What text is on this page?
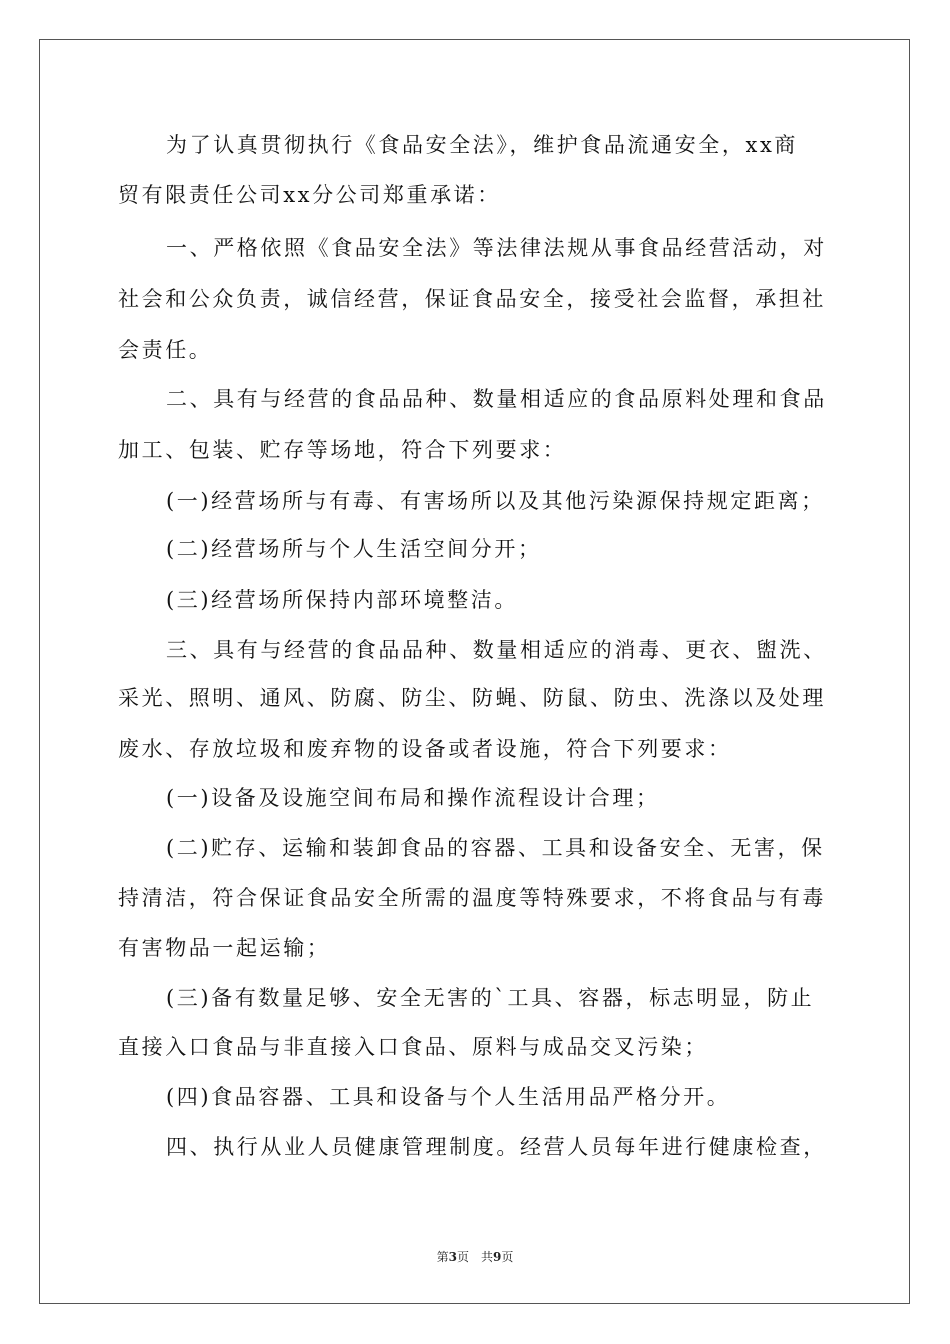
为了认真贯彻执行《食品安全法》，维护食品流通安全，xx商
贸有限责任公司xx分公司郑重承诺：
一、严格依照《食品安全法》等法律法规从事食品经营活动，对
社会和公众负责，诚信经营，保证食品安全，接受社会监督，承担社
会责任。
二、具有与经营的食品品种、数量相适应的食品原料处理和食品
加工、包装、贮存等场地，符合下列要求：
(一)经营场所与有毒、有害场所以及其他污染源保持规定距离；
(二)经营场所与个人生活空间分开；
(三)经营场所保持内部环境整洁。
三、具有与经营的食品品种、数量相适应的消毒、更衣、盥洗、
采光、照明、通风、防腐、防尘、防蝇、防鼠、防虫、洗涤以及处理
废水、存放垃圾和废弃物的设备或者设施，符合下列要求：
(一)设备及设施空间布局和操作流程设计合理；
(二)贮存、运输和装卸食品的容器、工具和设备安全、无害，保
持清洁，符合保证食品安全所需的温度等特殊要求，不将食品与有毒
有害物品一起运输；
(三)备有数量足够、安全无害的`工具、容器，标志明显，防止
直接入口食品与非直接入口食品、原料与成品交叉污染；
(四)食品容器、工具和设备与个人生活用品严格分开。
四、执行从业人员健康管理制度。经营人员每年进行健康检查，
第3页 共9页
